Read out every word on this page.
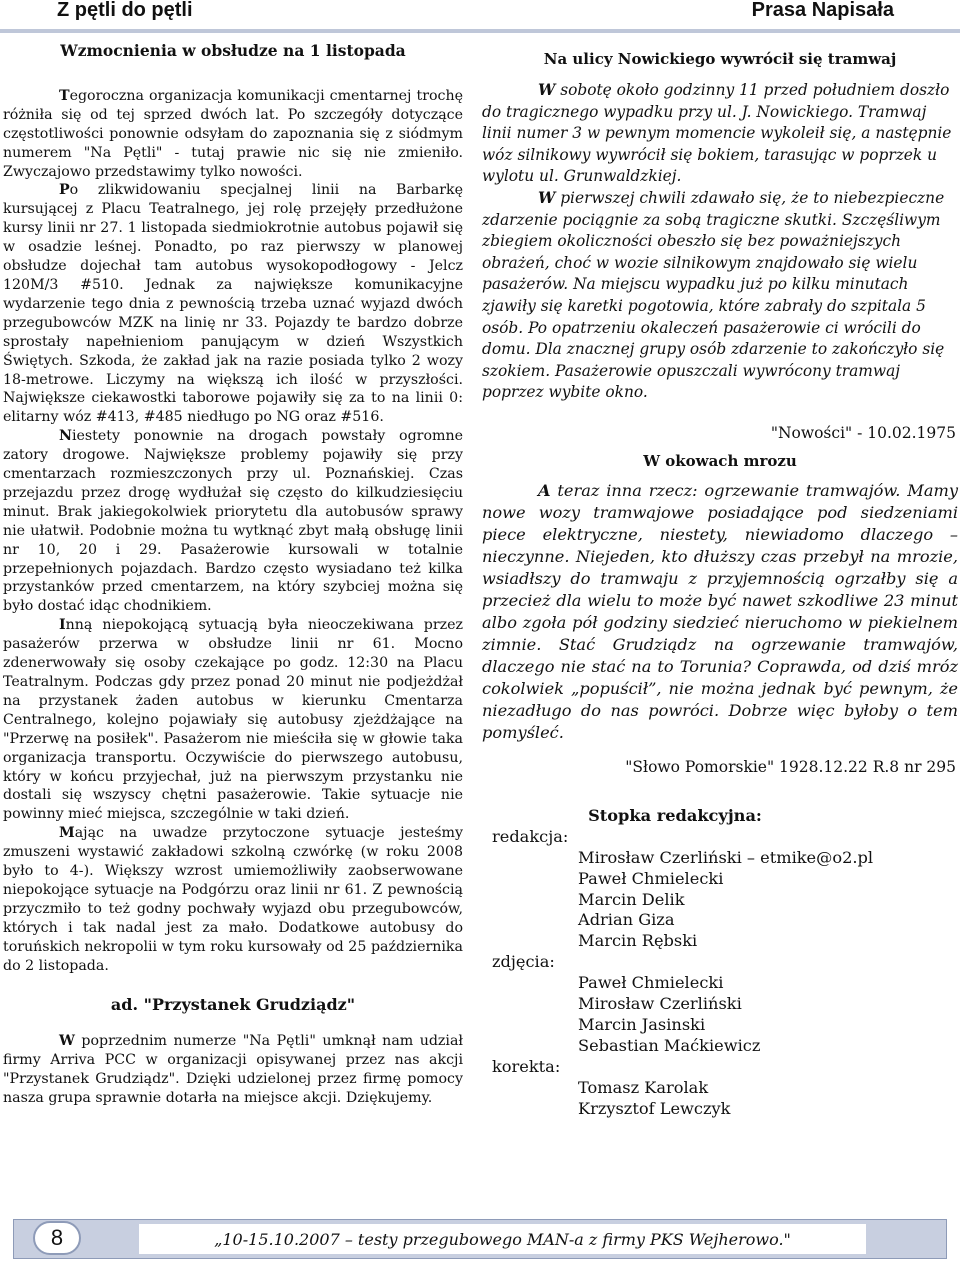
Z pętli do pętli	Prasa Napisała
Wzmocnienia w obsłudze na 1 listopada

Tegoroczna organizacja komunikacji cmentarnej trochę różniła się od tej sprzed dwóch lat. Po szczegóły dotyczące częstotliwości ponownie odsyłam do zapoznania się z siódmym numerem "Na Pętli" - tutaj prawie nic się nie zmieniło. Zwyczajowo przedstawimy tylko nowości.

Po zlikwidowaniu specjalnej linii na Barbarkę kursującej z Placu Teatralnego, jej rolę przejęły przedłużone kursy linii nr 27. 1 listopada siedmiokrotnie autobus pojawił się w osadzie leśnej. Ponadto, po raz pierwszy w planowej obsłudze dojechał tam autobus wysokopodłogowy - Jelcz 120M/3 #510. Jednak za największe komunikacyjne wydarzenie tego dnia z pewnością trzeba uznać wyjazd dwóch przegubowców MZK na linię nr 33. Pojazdy te bardzo dobrze sprostały napełnieniom panującym w dzień Wszystkich Świętych. Szkoda, że zakład jak na razie posiada tylko 2 wozy 18-metrowe. Liczymy na większą ich ilość w przyszłości. Największe ciekawostki taborowe pojawiły się za to na linii 0: elitarny wóz #413, #485 niedługo po NG oraz #516.

Niestety ponownie na drogach powstały ogromne zatory drogowe. Największe problemy pojawiły się przy cmentarzach rozmieszczonych przy ul. Poznańskiej. Czas przejazdu przez drogę wydłużał się często do kilkudziesięciu minut. Brak jakiegokolwiek priorytetu dla autobusów sprawy nie ułatwił. Podobnie można tu wytknąć zbyt małą obsługę linii nr 10, 20 i 29. Pasażerowie kursowali w totalnie przepełnionych pojazdach. Bardzo często wysiadano też kilka przystanków przed cmentarzem, na który szybciej można się było dostać idąc chodnikiem.

Inną niepokojącą sytuacją była nieoczekiwana przez pasażerów przerwa w obsłudze linii nr 61. Mocno zdenerwowały się osoby czekające po godz. 12:30 na Placu Teatralnym. Podczas gdy przez ponad 20 minut nie podjeżdżał na przystanek żaden autobus w kierunku Cmentarza Centralnego, kolejno pojawiały się autobusy zjeżdżające na "Przerwę na posiłek". Pasażerom nie mieściła się w głowie taka organizacja transportu. Oczywiście do pierwszego autobusu, który w końcu przyjechał, już na pierwszym przystanku nie dostali się wszyscy chętni pasażerowie. Takie sytuacje nie powinny mieć miejsca, szczególnie w taki dzień.

Mając na uwadze przytoczone sytuacje jesteśmy zmuszeni wystawić zakładowi szkolną czwórkę (w roku 2008 było to 4-). Większy wzrost umiemożliwiły zaobserwowane niepokojące sytuacje na Podgórzu oraz linii nr 61. Z pewnością przyczmiło to też godny pochwały wyjazd obu przegubowców, których i tak nadal jest za mało. Dodatkowe autobusy do toruńskich nekropolii w tym roku kursowały od 25 października do 2 listopada.

ad. "Przystanek Grudziądz"

W poprzednim numerze "Na Pętli" umknął nam udział firmy Arriva PCC w organizacji opisywanej przez nas akcji "Przystanek Grudziądz". Dzięki udzielonej przez firmę pomocy nasza grupa sprawnie dotarła na miejsce akcji. Dziękujemy.

Na ulicy Nowickiego wywrócił się tramwaj

W sobotę około godzinny 11 przed południem doszło do tragicznego wypadku przy ul. J. Nowickiego. Tramwaj linii numer 3 w pewnym momencie wykoleił się, a następnie wóz silnikowy wywrócił się bokiem, tarasując w poprzek u wylotu ul. Grunwaldzkiej.

W pierwszej chwili zdawało się, że to niebezpieczne zdarzenie pociągnie za sobą tragiczne skutki. Szczęśliwym zbiegiem okoliczności obeszło się bez poważniejszych obrażeń, choć w wozie silnikowym znajdowało się wielu pasażerów. Na miejscu wypadku już po kilku minutach zjawiły się karetki pogotowia, które zabrały do szpitala 5 osób. Po opatrzeniu okaleczeń pasażerowie ci wrócili do domu. Dla znacznej grupy osób zdarzenie to zakończyło się szokiem. Pasażerowie opuszczali wywrócony tramwaj poprzez wybite okno.

"Nowości" - 10.02.1975
W okowach mrozu

A teraz inna rzecz: ogrzewanie tramwajów. Mamy nowe wozy tramwajowe posiadające pod siedzeniami piece elektryczne, niestety, niewiadomo dlaczego – nieczynne. Niejeden, kto dłuższy czas przebył na mrozie, wsiadłszy do tramwaju z przyjemnością ogrzałby się a przecież dla wielu to może być nawet szkodliwe 23 minut albo zgoła pół godziny siedzieć nieruchomo w piekielnem zimnie. Stać Grudziądz na ogrzewanie tramwajów, dlaczego nie stać na to Torunia? Coprawda, od dziś mróz cokolwiek „popuścił”, nie można jednak być pewnym, że niezadługo do nas powróci. Dobrze więc byłoby o tem pomyśleć.

"Słowo Pomorskie" 1928.12.22 R.8 nr 295
Stopka redakcyjna:
redakcja:
Mirosław Czerliński – etmike@o2.pl
Paweł Chmielecki
Marcin Delik
Adrian Giza
Marcin Rębski
zdjęcia:
Paweł Chmielecki
Mirosław Czerliński
Marcin Jasinski
Sebastian Maćkiewicz
korekta:
Tomasz Karolak
Krzysztof Lewczyk
„10-15.10.2007 – testy przegubowego MAN-a z firmy PKS Wejherowo."
8
